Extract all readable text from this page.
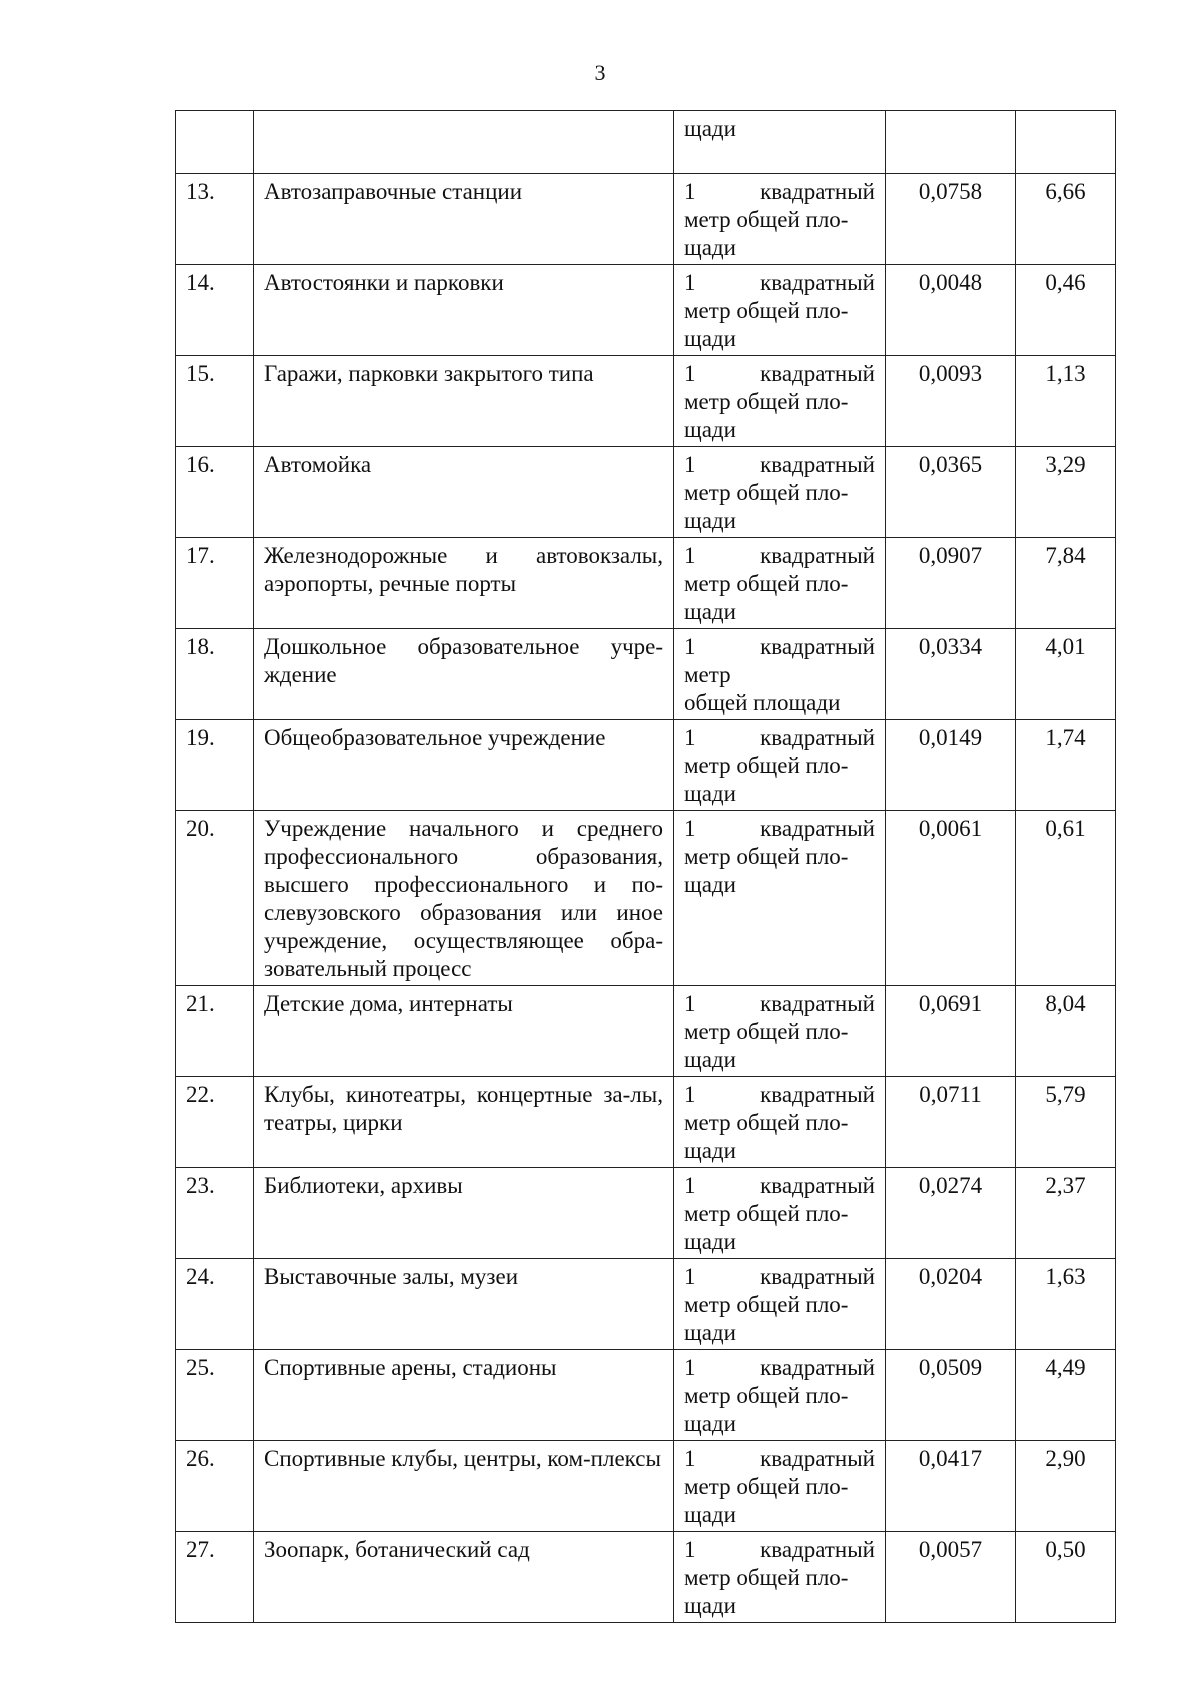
3
		щади		
13.	Автозаправочные станции	1 квадратный
метр общей пло-
щади	0,0758	6,66
14.	Автостоянки и парковки	1 квадратный
метр общей пло-
щади	0,0048	0,46
15.	Гаражи, парковки закрытого типа	1 квадратный
метр общей пло-
щади	0,0093	1,13
16.	Автомойка	1 квадратный
метр общей пло-
щади	0,0365	3,29
17.	Железнодорожные и автовокзалы, аэропорты, речные порты	1 квадратный
метр общей пло-
щади	0,0907	7,84
18.	Дошкольное образовательное учре-ждение	1 квадратный
метр
общей площади	0,0334	4,01
19.	Общеобразовательное учреждение	1 квадратный
метр общей пло-
щади	0,0149	1,74
20.	Учреждение начального и среднего профессионального образования, высшего профессионального и по-слевузовского образования или иное учреждение, осуществляющее обра-зовательный процесс	1 квадратный
метр общей пло-
щади	0,0061	0,61
21.	Детские дома, интернаты	1 квадратный
метр общей пло-
щади	0,0691	8,04
22.	Клубы, кинотеатры, концертные за-лы, театры, цирки	1 квадратный
метр общей пло-
щади	0,0711	5,79
23.	Библиотеки, архивы	1 квадратный
метр общей пло-
щади	0,0274	2,37
24.	Выставочные залы, музеи	1 квадратный
метр общей пло-
щади	0,0204	1,63
25.	Спортивные арены, стадионы	1 квадратный
метр общей пло-
щади	0,0509	4,49
26.	Спортивные клубы, центры, ком-плексы	1 квадратный
метр общей пло-
щади	0,0417	2,90
27.	Зоопарк, ботанический сад	1 квадратный
метр общей пло-
щади	0,0057	0,50
